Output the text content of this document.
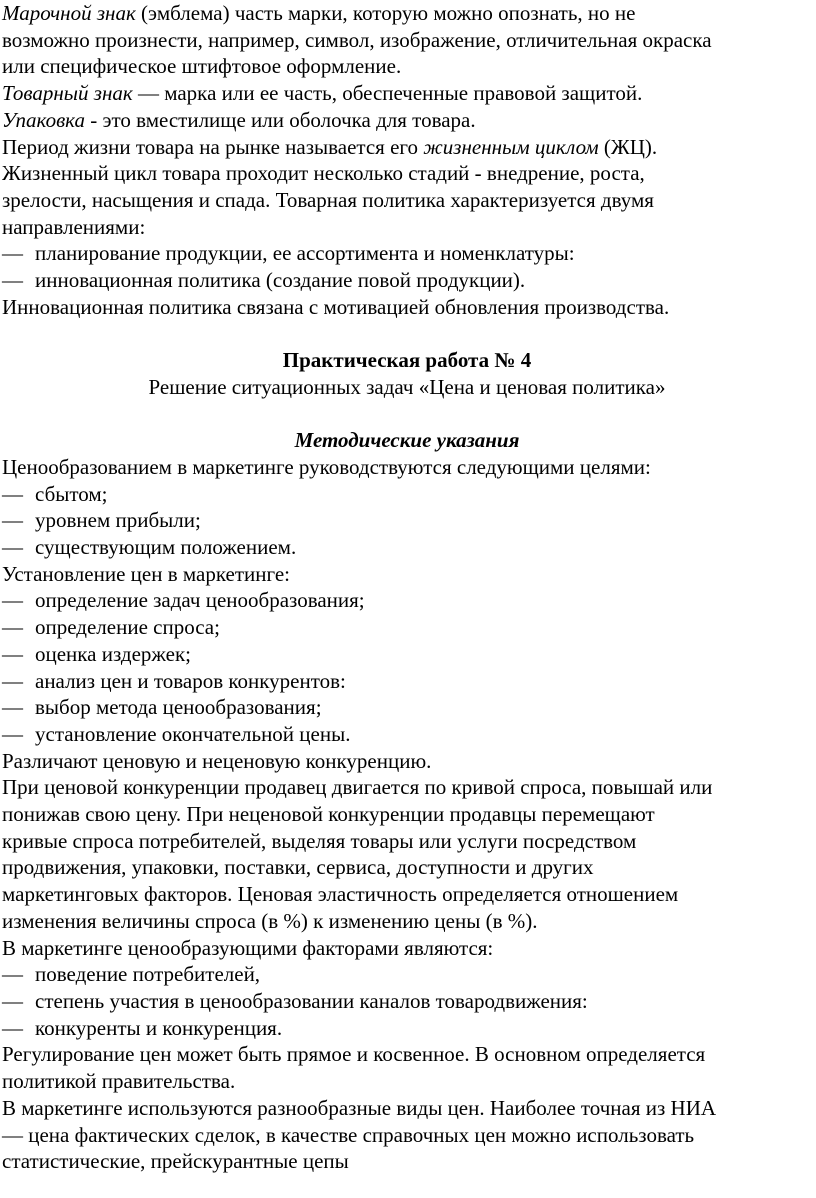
Марочной знак (эмблема) часть марки, которую можно опознать, но не

возможно произнести, например, символ, изображение, отличительная окраска

или специфическое штифтовое оформление.

Товарный знак — марка или ее часть, обеспеченные правовой защитой.

Упаковка - это вместилище или оболочка для товара.

Период жизни товара на рынке называется его жизненным циклом (ЖЦ).

Жизненный цикл товара проходит несколько стадий - внедрение, роста,

зрелости, насыщения и спада. Товарная политика характеризуется двумя

направлениями:

— планирование продукции, ее ассортимента и номенклатуры:

— инновационная политика (создание повой продукции).

Инновационная политика связана с мотивацией обновления производства.

Практическая работа № 4

Решение ситуационных задач «Цена и ценовая политика»

Методические указания

Ценообразованием в маркетинге руководствуются следующими целями:

— сбытом;

— уровнем прибыли;

— существующим положением.

Установление цен в маркетинге:

— определение задач ценообразования;

— определение спроса;

— оценка издержек;

— анализ цен и товаров конкурентов:

— выбор метода ценообразования;

— установление окончательной цены.

Различают ценовую и неценовую конкуренцию.

При ценовой конкуренции продавец двигается по кривой спроса, повышай или

понижав свою цену. При неценовой конкуренции продавцы перемещают

кривые спроса потребителей, выделяя товары или услуги посредством

продвижения, упаковки, поставки, сервиса, доступности и других

маркетинговых факторов. Ценовая эластичность определяется отношением

изменения величины спроса (в %) к изменению цены (в %).

В маркетинге ценообразующими факторами являются:

— поведение потребителей,

— степень участия в ценообразовании каналов товародвижения:

— конкуренты и конкуренция.

Регулирование цен может быть прямое и косвенное. В основном определяется

политикой правительства.

В маркетинге используются разнообразные виды цен. Наиболее точная из НИА

— цена фактических сделок, в качестве справочных цен можно использовать

статистические, прейскурантные цепы
